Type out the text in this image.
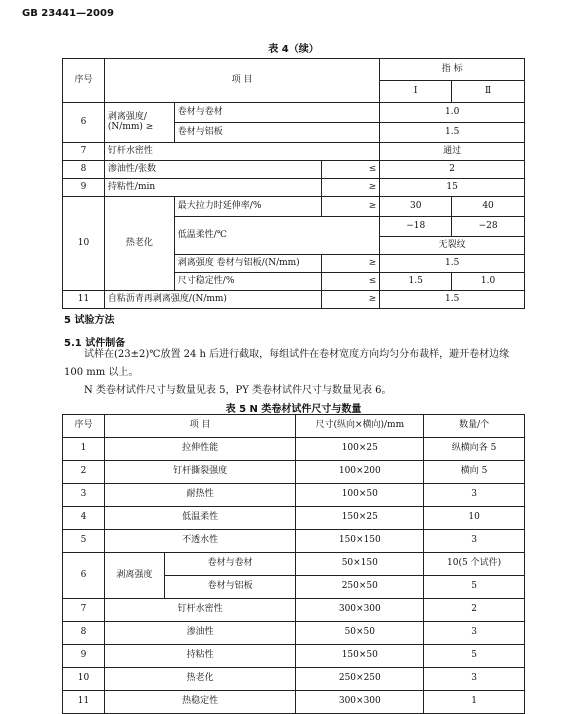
GB 23441—2009
表 4（续）
序号	项 目			指 标	
				Ⅰ	Ⅱ
6	剥离强度/
(N/mm) ≥	卷材与卷材		1.0	
		卷材与铝板		1.5	
7	钉杆水密性			通过	
8	渗油性/张数		≤	2	
9	持粘性/min		≥	15	
10	热老化	最大拉力时延伸率/%	≥	30	40
		低温柔性/℃		−18	−28
				无裂纹	
		剥离强度 卷材与铝板/(N/mm)	≥	1.5	
		尺寸稳定性/%	≤	1.5	1.0
11	自粘沥青再剥离强度/(N/mm)		≥	1.5	
5 试验方法
5.1 试件制备
试样在(23±2)℃放置 24 h 后进行截取，每组试件在卷材宽度方向均匀分布裁样，避开卷材边缘
100 mm 以上。
N 类卷材试件尺寸与数量见表 5，PY 类卷材试件尺寸与数量见表 6。
表 5 N 类卷材试件尺寸与数量
序号	项 目		尺寸(纵向×横向)/mm	数量/个
1	拉伸性能		100×25	纵横向各 5
2	钉杆撕裂强度		100×200	横向 5
3	耐热性		100×50	3
4	低温柔性		150×25	10
5	不透水性		150×150	3
6	剥离强度	卷材与卷材	50×150	10(5 个试件)
		卷材与铝板	250×50	5
7	钉杆水密性		300×300	2
8	渗油性		50×50	3
9	持粘性		150×50	5
10	热老化		250×250	3
11	热稳定性		300×300	1
